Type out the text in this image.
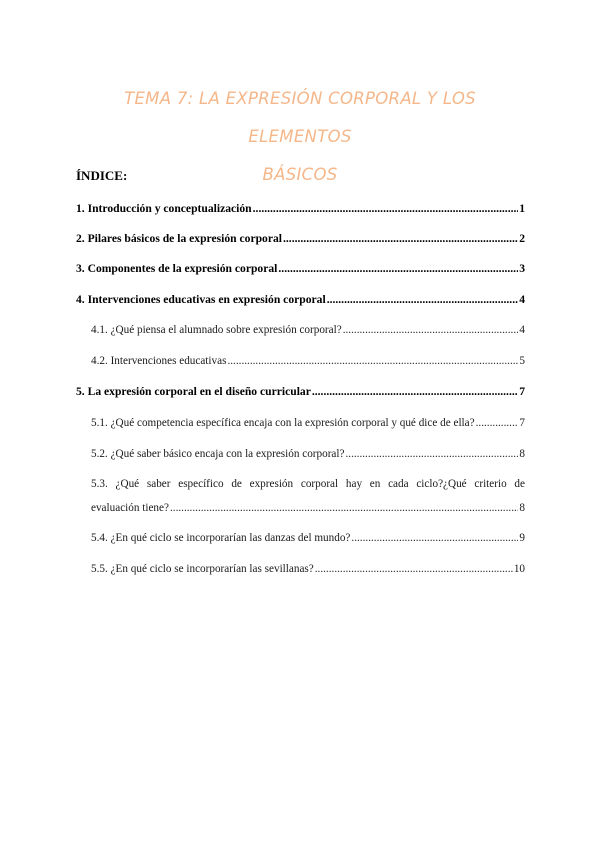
TEMA 7: LA EXPRESIÓN CORPORAL Y LOS ELEMENTOS
BÁSICOS
ÍNDICE:
1. Introducción y conceptualización .....	1
2. Pilares básicos de la expresión corporal .....	2
3. Componentes de la expresión corporal .....	3
4. Intervenciones educativas en expresión corporal .....	4
4.1. ¿Qué piensa el alumnado sobre expresión corporal? .....	4
4.2. Intervenciones educativas .....	5
5. La expresión corporal en el diseño curricular .....	7
5.1. ¿Qué competencia específica encaja con la expresión corporal y qué dice de ella? .....	7
5.2. ¿Qué saber básico encaja con la expresión corporal? .....	8
5.3. ¿Qué saber específico de expresión corporal hay en cada ciclo?¿Qué criterio de
evaluación tiene? .....	8
5.4. ¿En qué ciclo se incorporarían las danzas del mundo? .....	9
5.5. ¿En qué ciclo se incorporarían las sevillanas? .....	10
